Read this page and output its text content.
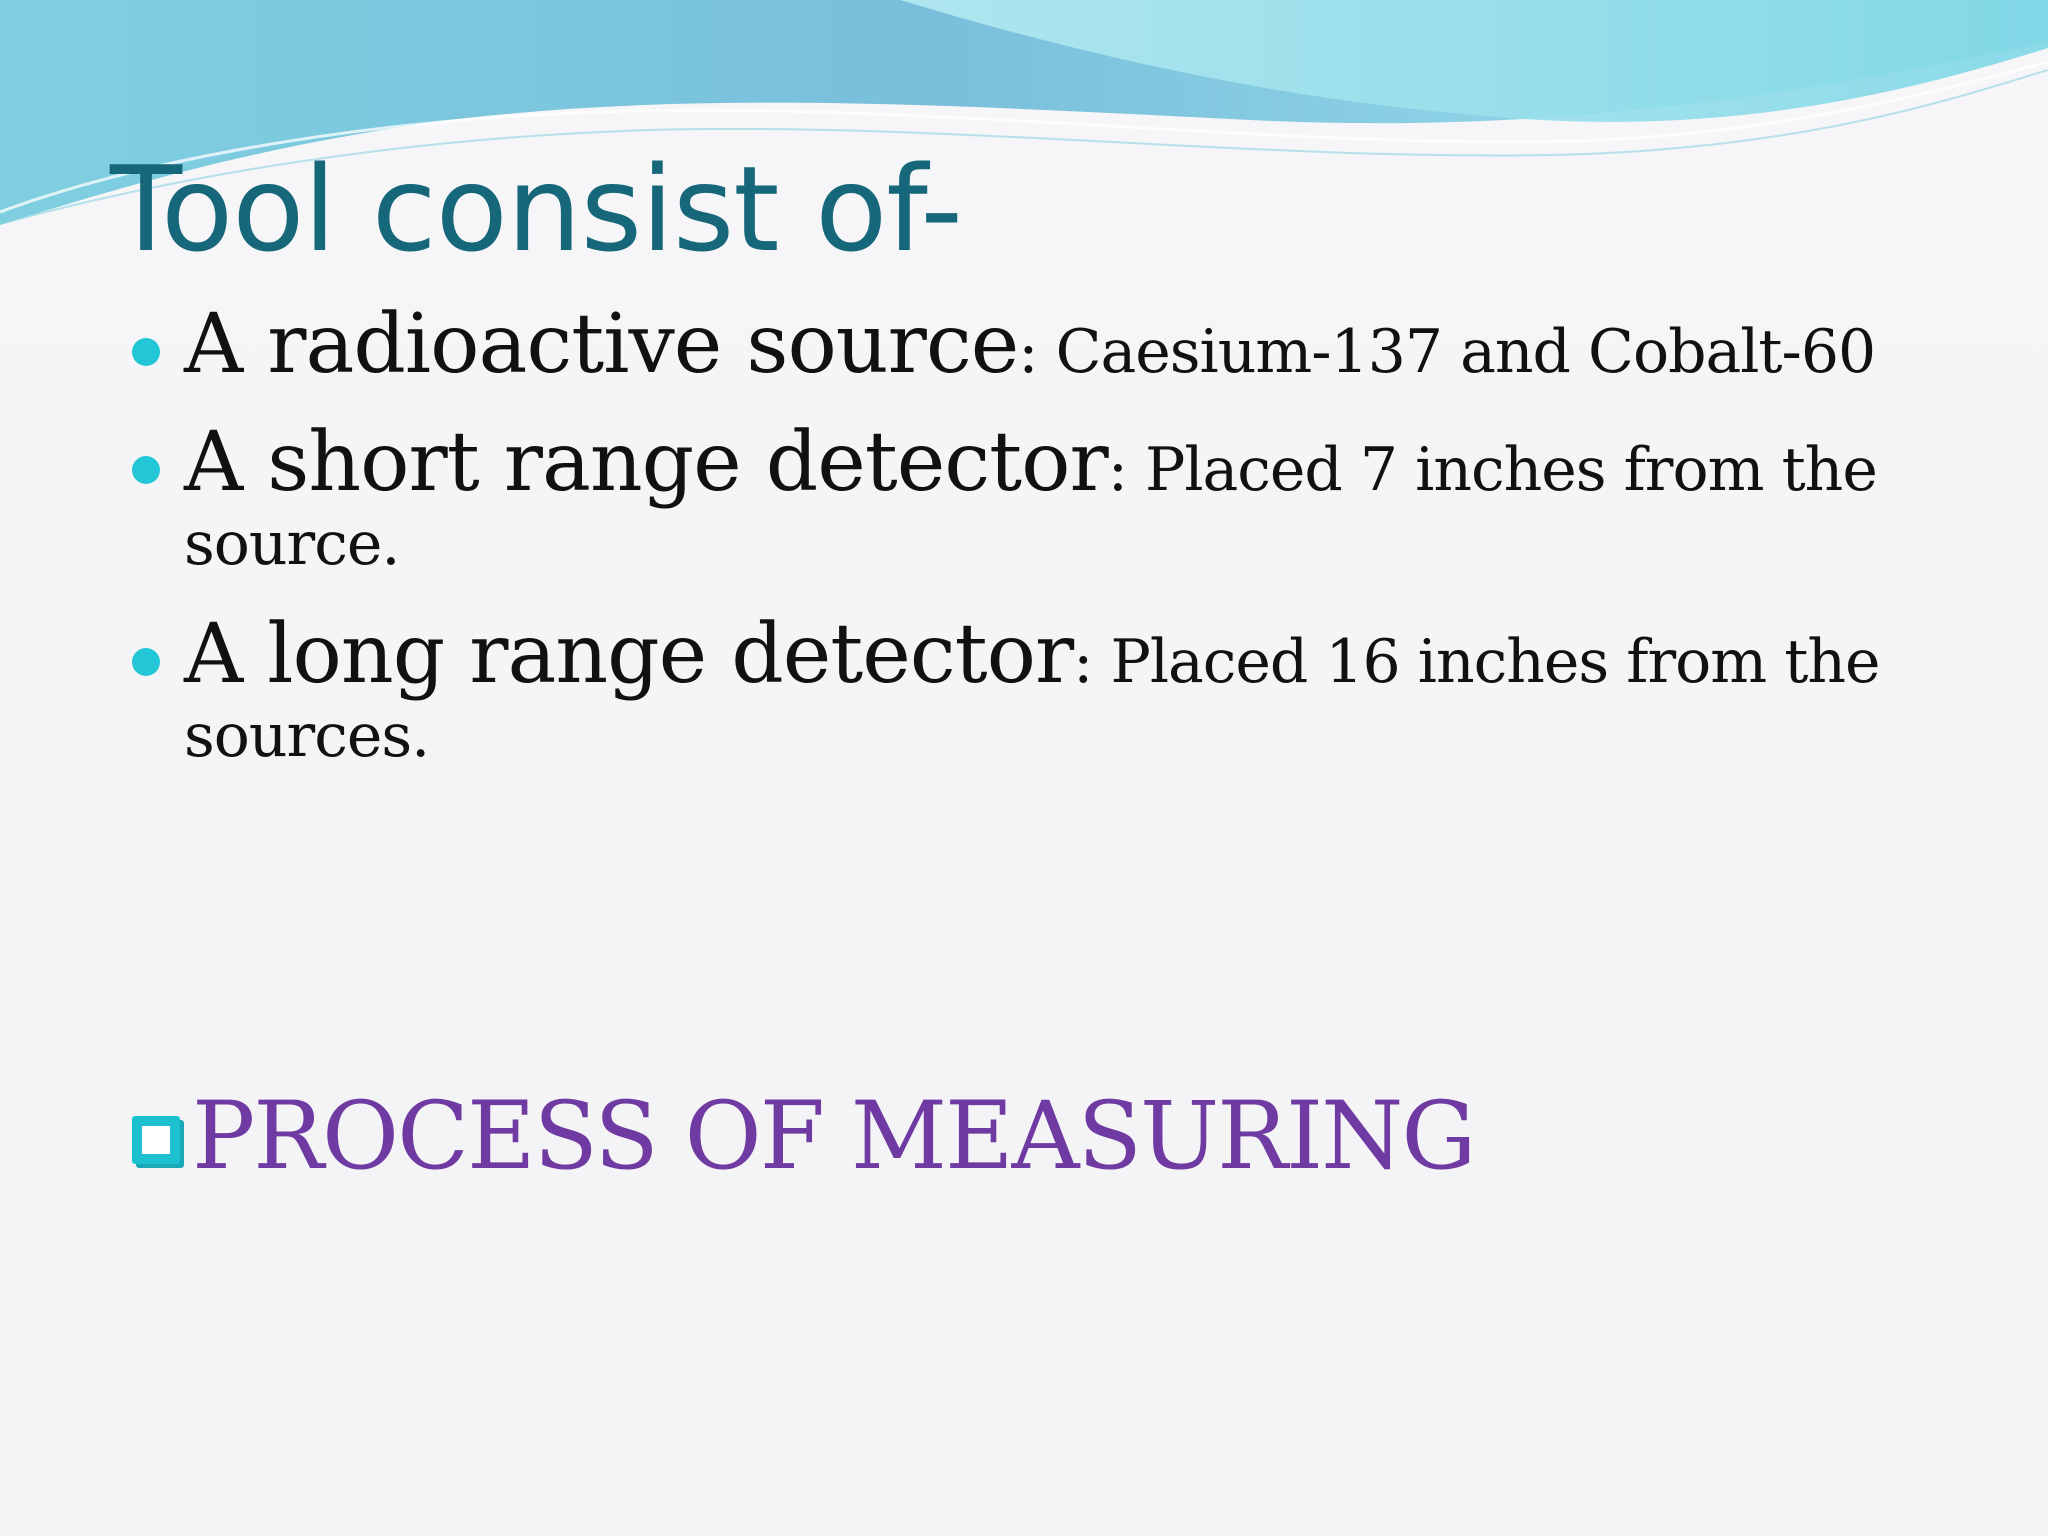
Tool consist of-
A radioactive source: Caesium-137 and Cobalt-60
A short range detector: Placed 7 inches from the source.
A long range detector: Placed 16 inches from the sources.
PROCESS OF MEASURING
